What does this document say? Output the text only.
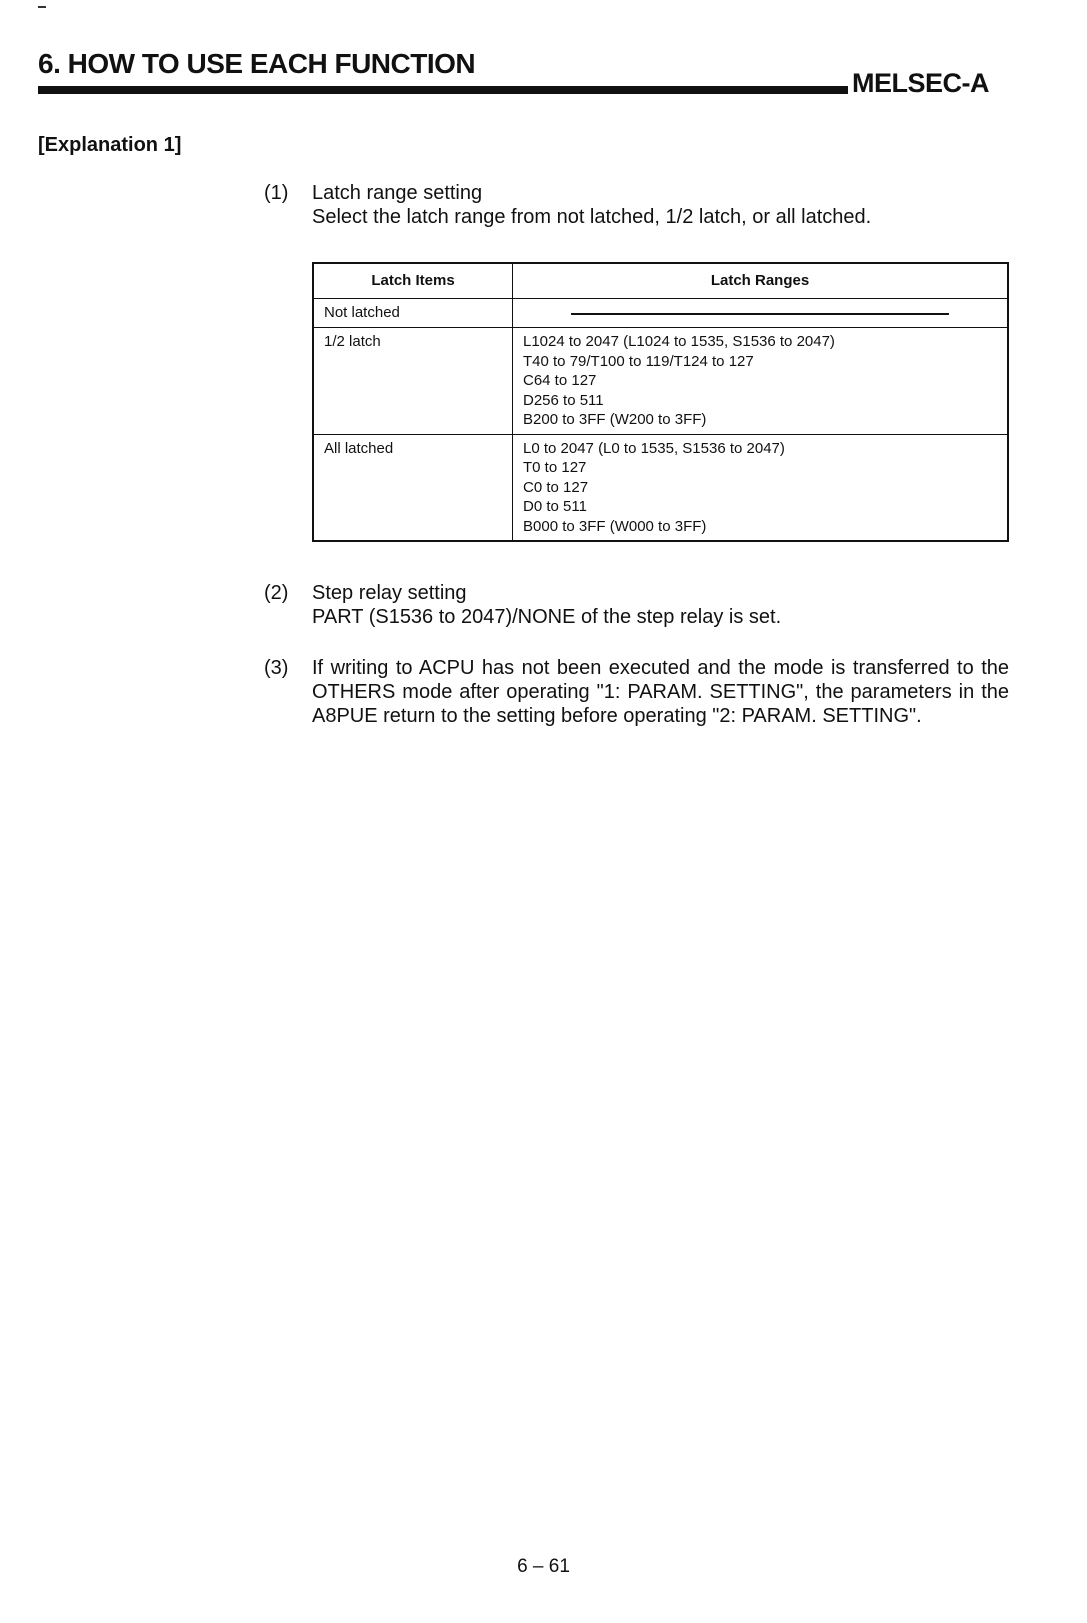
6. HOW TO USE EACH FUNCTION
MELSEC-A
[Explanation 1]
(1)	Latch range setting
Select the latch range from not latched, 1/2 latch, or all latched.
Latch Items	Latch Ranges
Not latched	

1/2 latch	L1024 to 2047 (L1024 to 1535, S1536 to 2047)
T40 to 79/T100 to 119/T124 to 127
C64 to 127
D256 to 511
B200 to 3FF (W200 to 3FF)

All latched	L0 to 2047 (L0 to 1535, S1536 to 2047)
T0 to 127
C0 to 127
D0 to 511
B000 to 3FF (W000 to 3FF)
(2)	Step relay setting
PART (S1536 to 2047)/NONE of the step relay is set.
(3)	If writing to ACPU has not been executed and the mode is transferred to the OTHERS mode after operating "1: PARAM. SETTING", the parameters in the A8PUE return to the setting before operating "2: PARAM. SETTING".
6 – 61
